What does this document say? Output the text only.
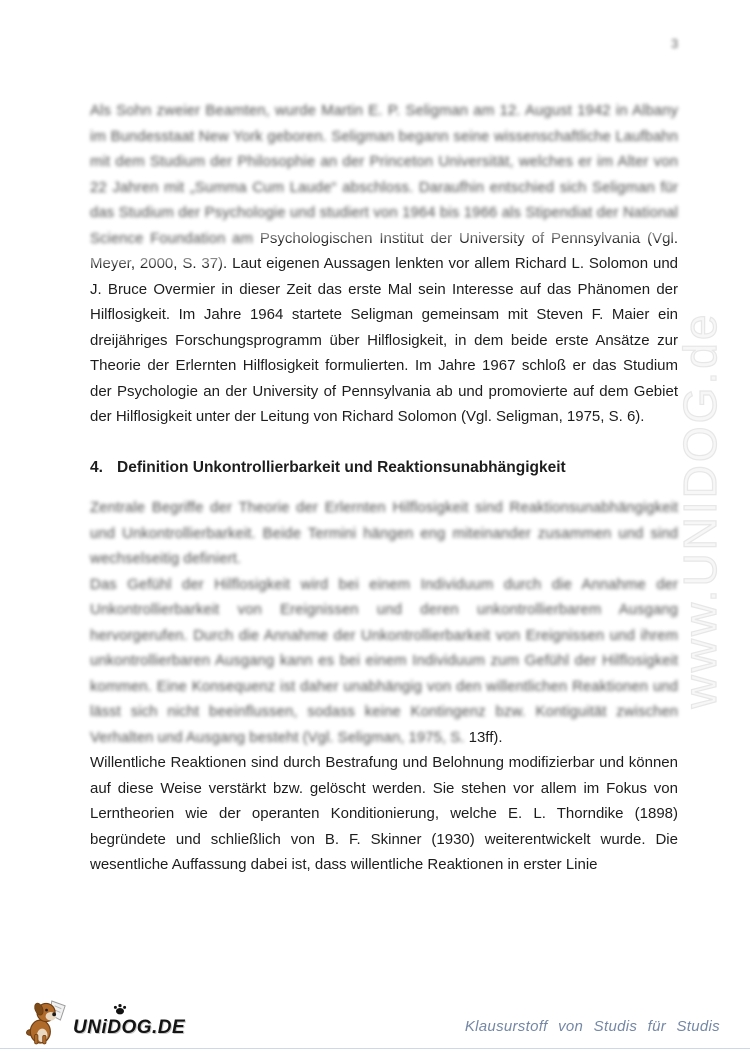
3
www.UNIDOG.de

Als Sohn zweier Beamten, wurde Martin E. P. Seligman am 12. August 1942 in Albany im Bundesstaat New York geboren. Seligman begann seine wissenschaftliche Laufbahn mit dem Studium der Philosophie an der Princeton Universität, welches er im Alter von 22 Jahren mit „Summa Cum Laude“ abschloss. Daraufhin entschied sich Seligman für das Studium der Psychologie und studiert von 1964 bis 1966 als Stipendiat der National Science Foundation am Psychologischen Institut der University of Pennsylvania (Vgl. Meyer, 2000, S. 37). Laut eigenen Aussagen lenkten vor allem Richard L. Solomon und J. Bruce Overmier in dieser Zeit das erste Mal sein Interesse auf das Phänomen der Hilflosigkeit. Im Jahre 1964 startete Seligman gemeinsam mit Steven F. Maier ein dreijähriges Forschungsprogramm über Hilflosigkeit, in dem beide erste Ansätze zur Theorie der Erlernten Hilflosigkeit formulierten. Im Jahre 1967 schloß er das Studium der Psychologie an der University of Pennsylvania ab und promovierte auf dem Gebiet der Hilflosigkeit unter der Leitung von Richard Solomon (Vgl. Seligman, 1975, S. 6).

4. Definition Unkontrollierbarkeit und Reaktionsunabhängigkeit

Zentrale Begriffe der Theorie der Erlernten Hilflosigkeit sind Reaktionsunabhängigkeit und Unkontrollierbarkeit. Beide Termini hängen eng miteinander zusammen und sind wechselseitig definiert.
Das Gefühl der Hilflosigkeit wird bei einem Individuum durch die Annahme der Unkontrollierbarkeit von Ereignissen und deren unkontrollierbarem Ausgang hervorgerufen. Durch die Annahme der Unkontrollierbarkeit von Ereignissen und ihrem unkontrollierbaren Ausgang kann es bei einem Individuum zum Gefühl der Hilflosigkeit kommen. Eine Konsequenz ist daher unabhängig von den willentlichen Reaktionen und lässt sich nicht beeinflussen, sodass keine Kontingenz bzw. Kontiguität zwischen Verhalten und Ausgang besteht (Vgl. Seligman, 1975, S. 13ff).

Willentliche Reaktionen sind durch Bestrafung und Belohnung modifizierbar und können auf diese Weise verstärkt bzw. gelöscht werden. Sie stehen vor allem im Fokus von Lerntheorien wie der operanten Konditionierung, welche E. L. Thorndike (1898) begründete und schließlich von B. F. Skinner (1930) weiterentwickelt wurde. Die wesentliche Auffassung dabei ist, dass willentliche Reaktionen in erster Linie

UNiDOG.DE	Klausurstoff von Studis für Studis
